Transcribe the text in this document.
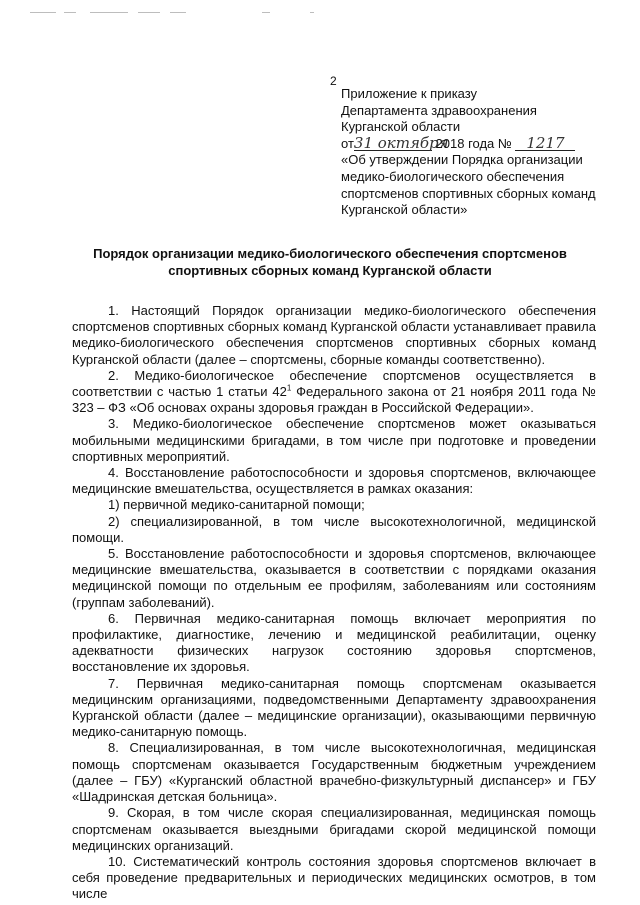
2
Приложение к приказу
Департамента здравоохранения
Курганской области
от31 октября 2018 года № 1217
«Об утверждении Порядка организации
медико-биологического обеспечения
спортсменов спортивных сборных команд
Курганской области»
Порядок организации медико-биологического обеспечения спортсменов
спортивных сборных команд Курганской области

1. Настоящий Порядок организации медико-биологического обеспечения спортсменов спортивных сборных команд Курганской области устанавливает правила медико-биологического обеспечения спортсменов спортивных сборных команд Курганской области (далее – спортсмены, сборные команды соответственно).

2. Медико-биологическое обеспечение спортсменов осуществляется в соответствии с частью 1 статьи $42^1$ Федерального закона от 21 ноября 2011 года № 323 – ФЗ «Об основах охраны здоровья граждан в Российской Федерации».

3. Медико-биологическое обеспечение спортсменов может оказываться мобильными медицинскими бригадами, в том числе при подготовке и проведении спортивных мероприятий.

4. Восстановление работоспособности и здоровья спортсменов, включающее медицинские вмешательства, осуществляется в рамках оказания:

1) первичной медико-санитарной помощи;

2) специализированной, в том числе высокотехнологичной, медицинской помощи.

5. Восстановление работоспособности и здоровья спортсменов, включающее медицинские вмешательства, оказывается в соответствии с порядками оказания медицинской помощи по отдельным ее профилям, заболеваниям или состояниям (группам заболеваний).

6. Первичная медико-санитарная помощь включает мероприятия по профилактике, диагностике, лечению и медицинской реабилитации, оценку адекватности физических нагрузок состоянию здоровья спортсменов, восстановление их здоровья.

7. Первичная медико-санитарная помощь спортсменам оказывается медицинским организациями, подведомственными Департаменту здравоохранения Курганской области (далее – медицинские организации), оказывающими первичную медико-санитарную помощь.

8. Специализированная, в том числе высокотехнологичная, медицинская помощь спортсменам оказывается Государственным бюджетным учреждением (далее – ГБУ) «Курганский областной врачебно-физкультурный диспансер» и ГБУ «Шадринская детская больница».

9. Скорая, в том числе скорая специализированная, медицинская помощь спортсменам оказывается выездными бригадами скорой медицинской помощи медицинских организаций.

10. Систематический контроль состояния здоровья спортсменов включает в себя проведение предварительных и периодических медицинских осмотров, в том числе
